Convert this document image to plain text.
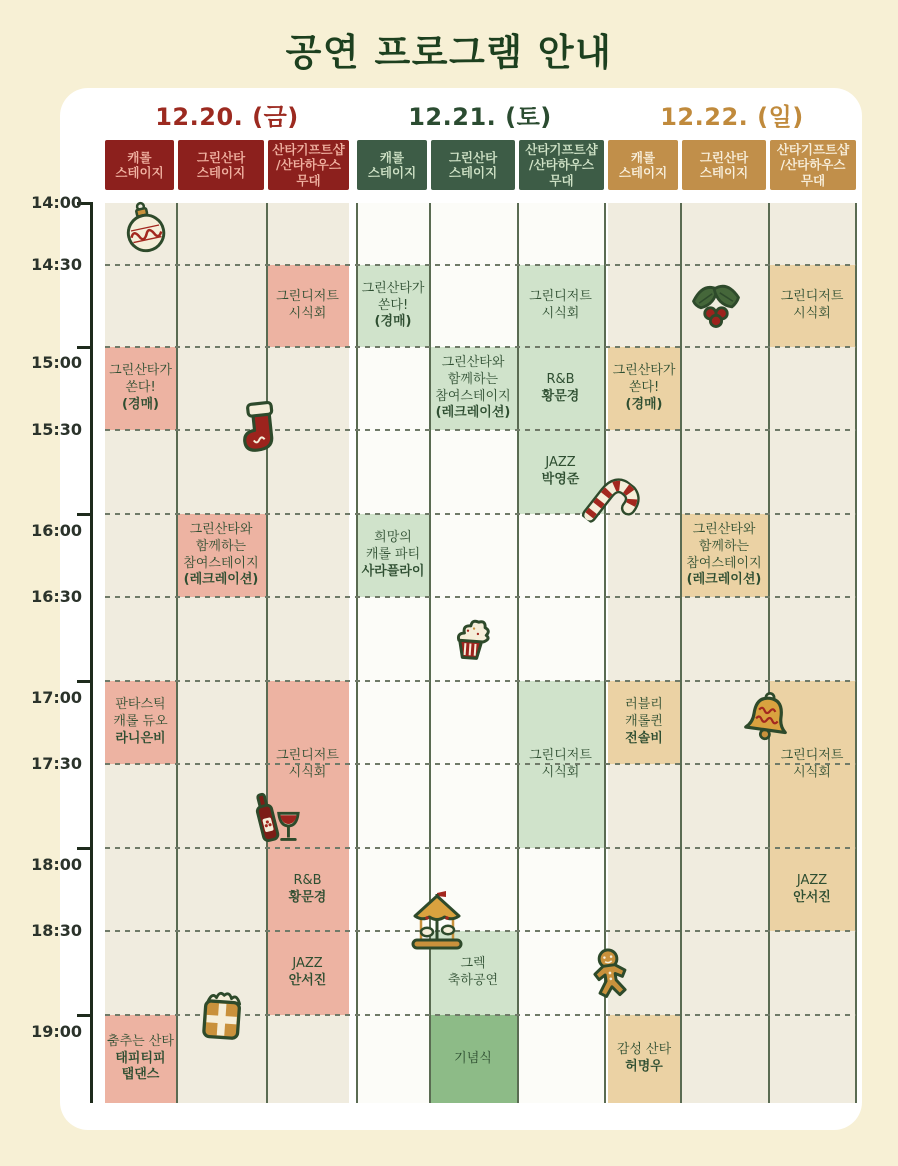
공연 프로그램 안내
12.20. (금)	12.21. (토)	12.22. (일)
캐롤
스테이지
그린산타
스테이지
산타기프트샵
/산타하우스
무대
캐롤
스테이지
그린산타
스테이지
산타기프트샵
/산타하우스
무대
캐롤
스테이지
그린산타
스테이지
산타기프트샵
/산타하우스
무대
그린디저트
시식회
그린산타가
쏜다!
(경매)
그린산타와
함께하는
참여스테이지
(레크레이션)
판타스틱
캐롤 듀오
라니은비
그린디저트
시식회
R&B
황문경
JAZZ
안서진
춤추는 산타
태피티피
탭댄스
그린산타가
쏜다!
(경매)
그린디저트
시식회
그린산타와
함께하는
참여스테이지
(레크레이션)
R&B
황문경
JAZZ
박영준
희망의
캐롤 파티
사라플라이
그린디저트
시식회
그렉
축하공연
기념식
그린디저트
시식회
그린산타가
쏜다!
(경매)
그린산타와
함께하는
참여스테이지
(레크레이션)
러블리
캐롤퀸
전솔비
그린디저트
시식회
JAZZ
안서진
감성 산타
허명우
14:00
14:30
15:00
15:30
16:00
16:30
17:00
17:30
18:00
18:30
19:00
